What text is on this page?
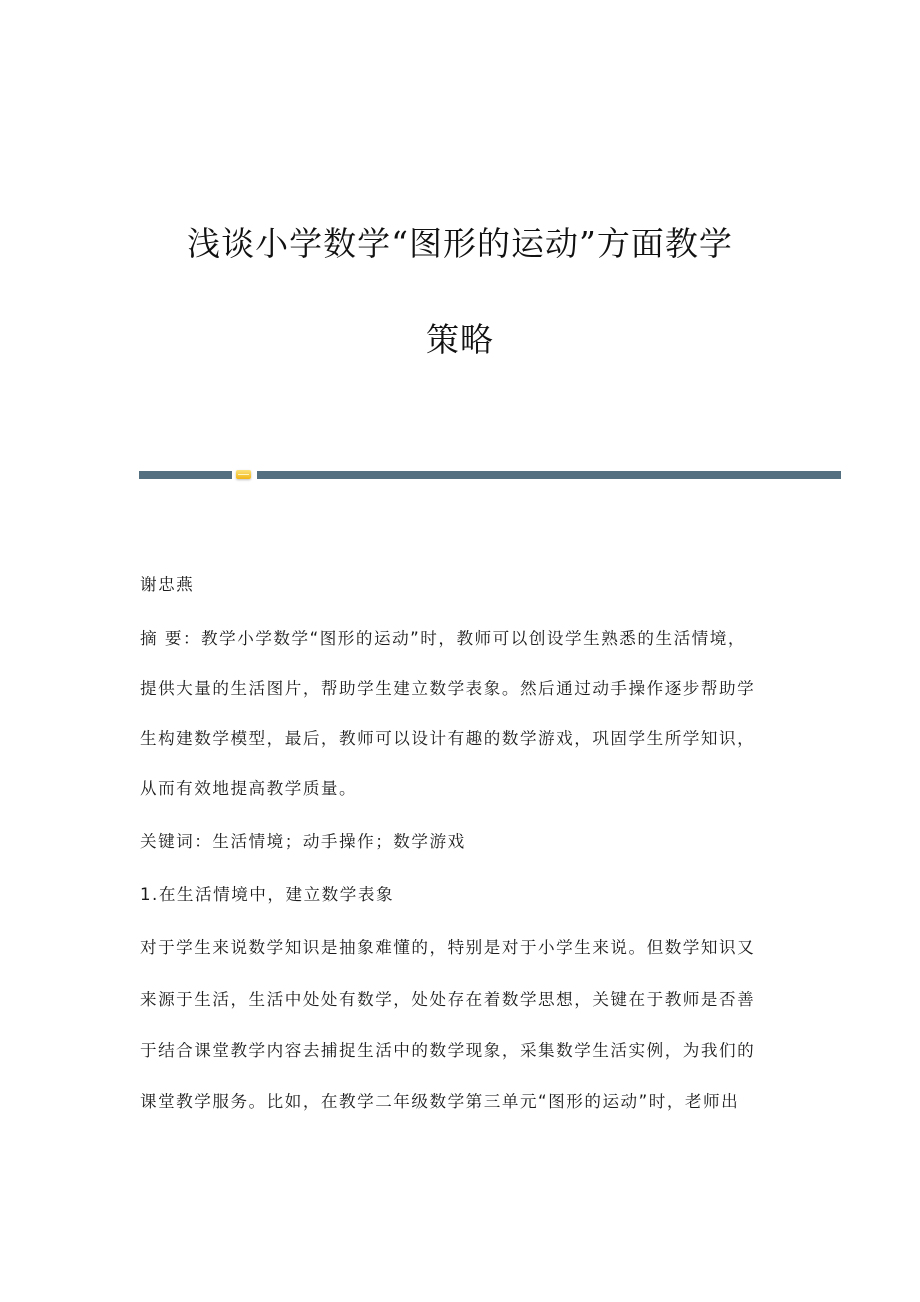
浅谈小学数学“图形的运动”方面教学
策略
谢忠燕
摘 要：教学小学数学“图形的运动”时，教师可以创设学生熟悉的生活情境，
提供大量的生活图片，帮助学生建立数学表象。然后通过动手操作逐步帮助学
生构建数学模型，最后，教师可以设计有趣的数学游戏，巩固学生所学知识，
从而有效地提高教学质量。
关键词：生活情境；动手操作；数学游戏
1.在生活情境中，建立数学表象
对于学生来说数学知识是抽象难懂的，特别是对于小学生来说。但数学知识又
来源于生活，生活中处处有数学，处处存在着数学思想，关键在于教师是否善
于结合课堂教学内容去捕捉生活中的数学现象，采集数学生活实例，为我们的
课堂教学服务。比如，在教学二年级数学第三单元“图形的运动”时，老师出
